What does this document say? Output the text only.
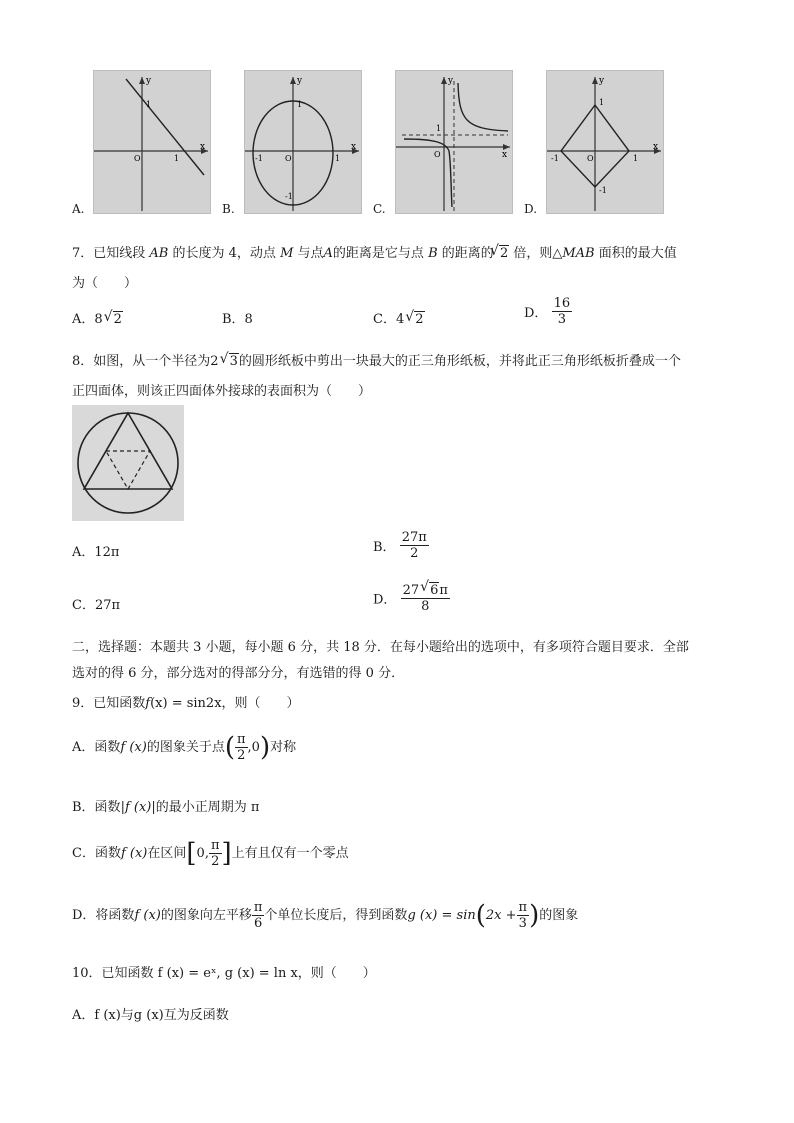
y
x
O	1
1
A.
y
x
O
-1	1
1
-1
B.
y
x
O
1
C.
y
x
O
-1	1
1
-1
D.
7．已知线段 AB 的长度为 4，动点 M 与点A的距离是它与点 B 的距离的 √ 2 倍，则△MAB 面积的最大值
为（　　）
A．8 √ 2	B．8	C．4 √ 2	D． $\frac{16}{3}$
8．如图，从一个半径为2 √ 3的圆形纸板中剪出一块最大的正三角形纸板，并将此正三角形纸板折叠成一个
正四面体，则该正四面体外接球的表面积为（　　）
A．12π	B． $\frac{27\pi}{2}$
C．27π	D． $\frac{27 √ 6\pi}{8}$
二，选择题：本题共 3 小题，每小题 6 分，共 18 分．在每小题给出的选项中，有多项符合题目要求．全部
选对的得 6 分，部分选对的得部分分，有选错的得 0 分．
9．已知函数f(x) = sin2x，则（　　）
A．函数f (x)的图象关于点( $\frac{\pi}{2} ,0$)对称
B．函数|f (x)|的最小正周期为 π
C．函数f (x)在区间[0, $\frac{\pi}{2}$ ]上有且仅有一个零点
D．将函数f (x)的图象向左平移 $\frac{\pi}{6}$ 个单位长度后，得到函数g $(x) = \sin(2x + \frac{\pi}{3}$ )的图象
10．已知函数 f (x) = eˣ, g (x) = ln x，则（　　）
A．f (x)与g (x)互为反函数
